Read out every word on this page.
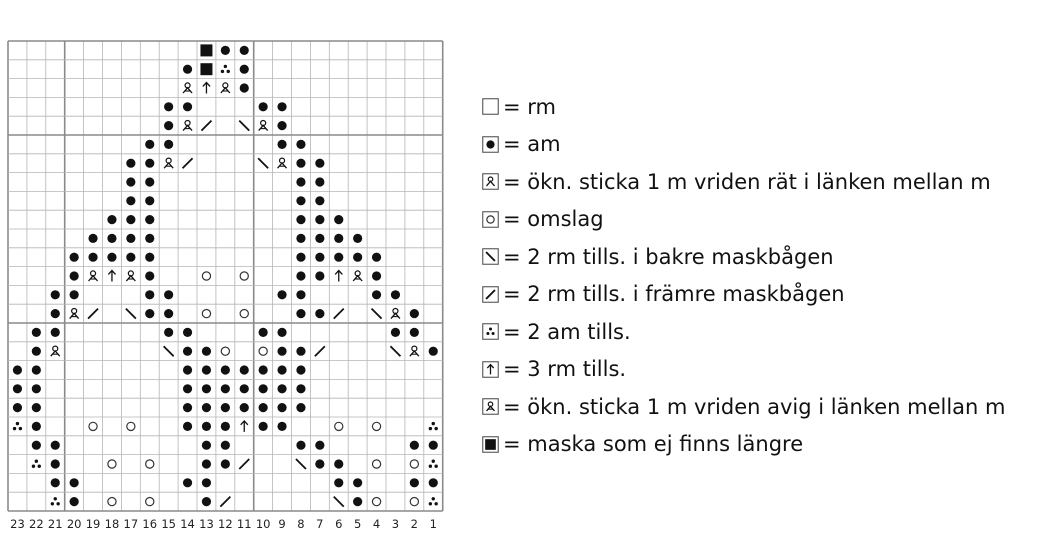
23 22 21 20 19 18 17 16 15 14 13 12 11 10 9 8 7 6 5 4 3 2 1
= rm
= am
= ökn. sticka 1 m vriden rät i länken mellan m
= omslag
= 2 rm tills. i bakre maskbågen
= 2 rm tills. i främre maskbågen
= 2 am tills.
= 3 rm tills.
= ökn. sticka 1 m vriden avig i länken mellan m
= maska som ej finns längre
